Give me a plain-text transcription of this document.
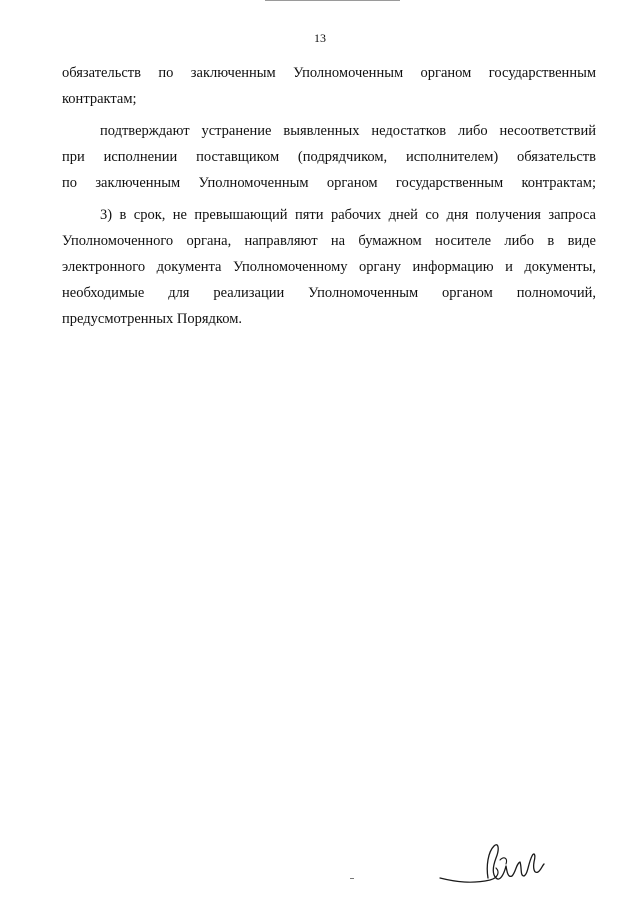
13
обязательств по заключенным Уполномоченным органом государственным
контрактам;
подтверждают устранение выявленных недостатков либо несоответствий
при исполнении поставщиком (подрядчиком, исполнителем) обязательств
по заключенным Уполномоченным органом государственным контрактам;
3) в срок, не превышающий пяти рабочих дней со дня получения запроса
Уполномоченного органа, направляют на бумажном носителе либо в виде
электронного документа Уполномоченному органу информацию и документы,
необходимые для реализации Уполномоченным органом полномочий,
предусмотренных Порядком.
